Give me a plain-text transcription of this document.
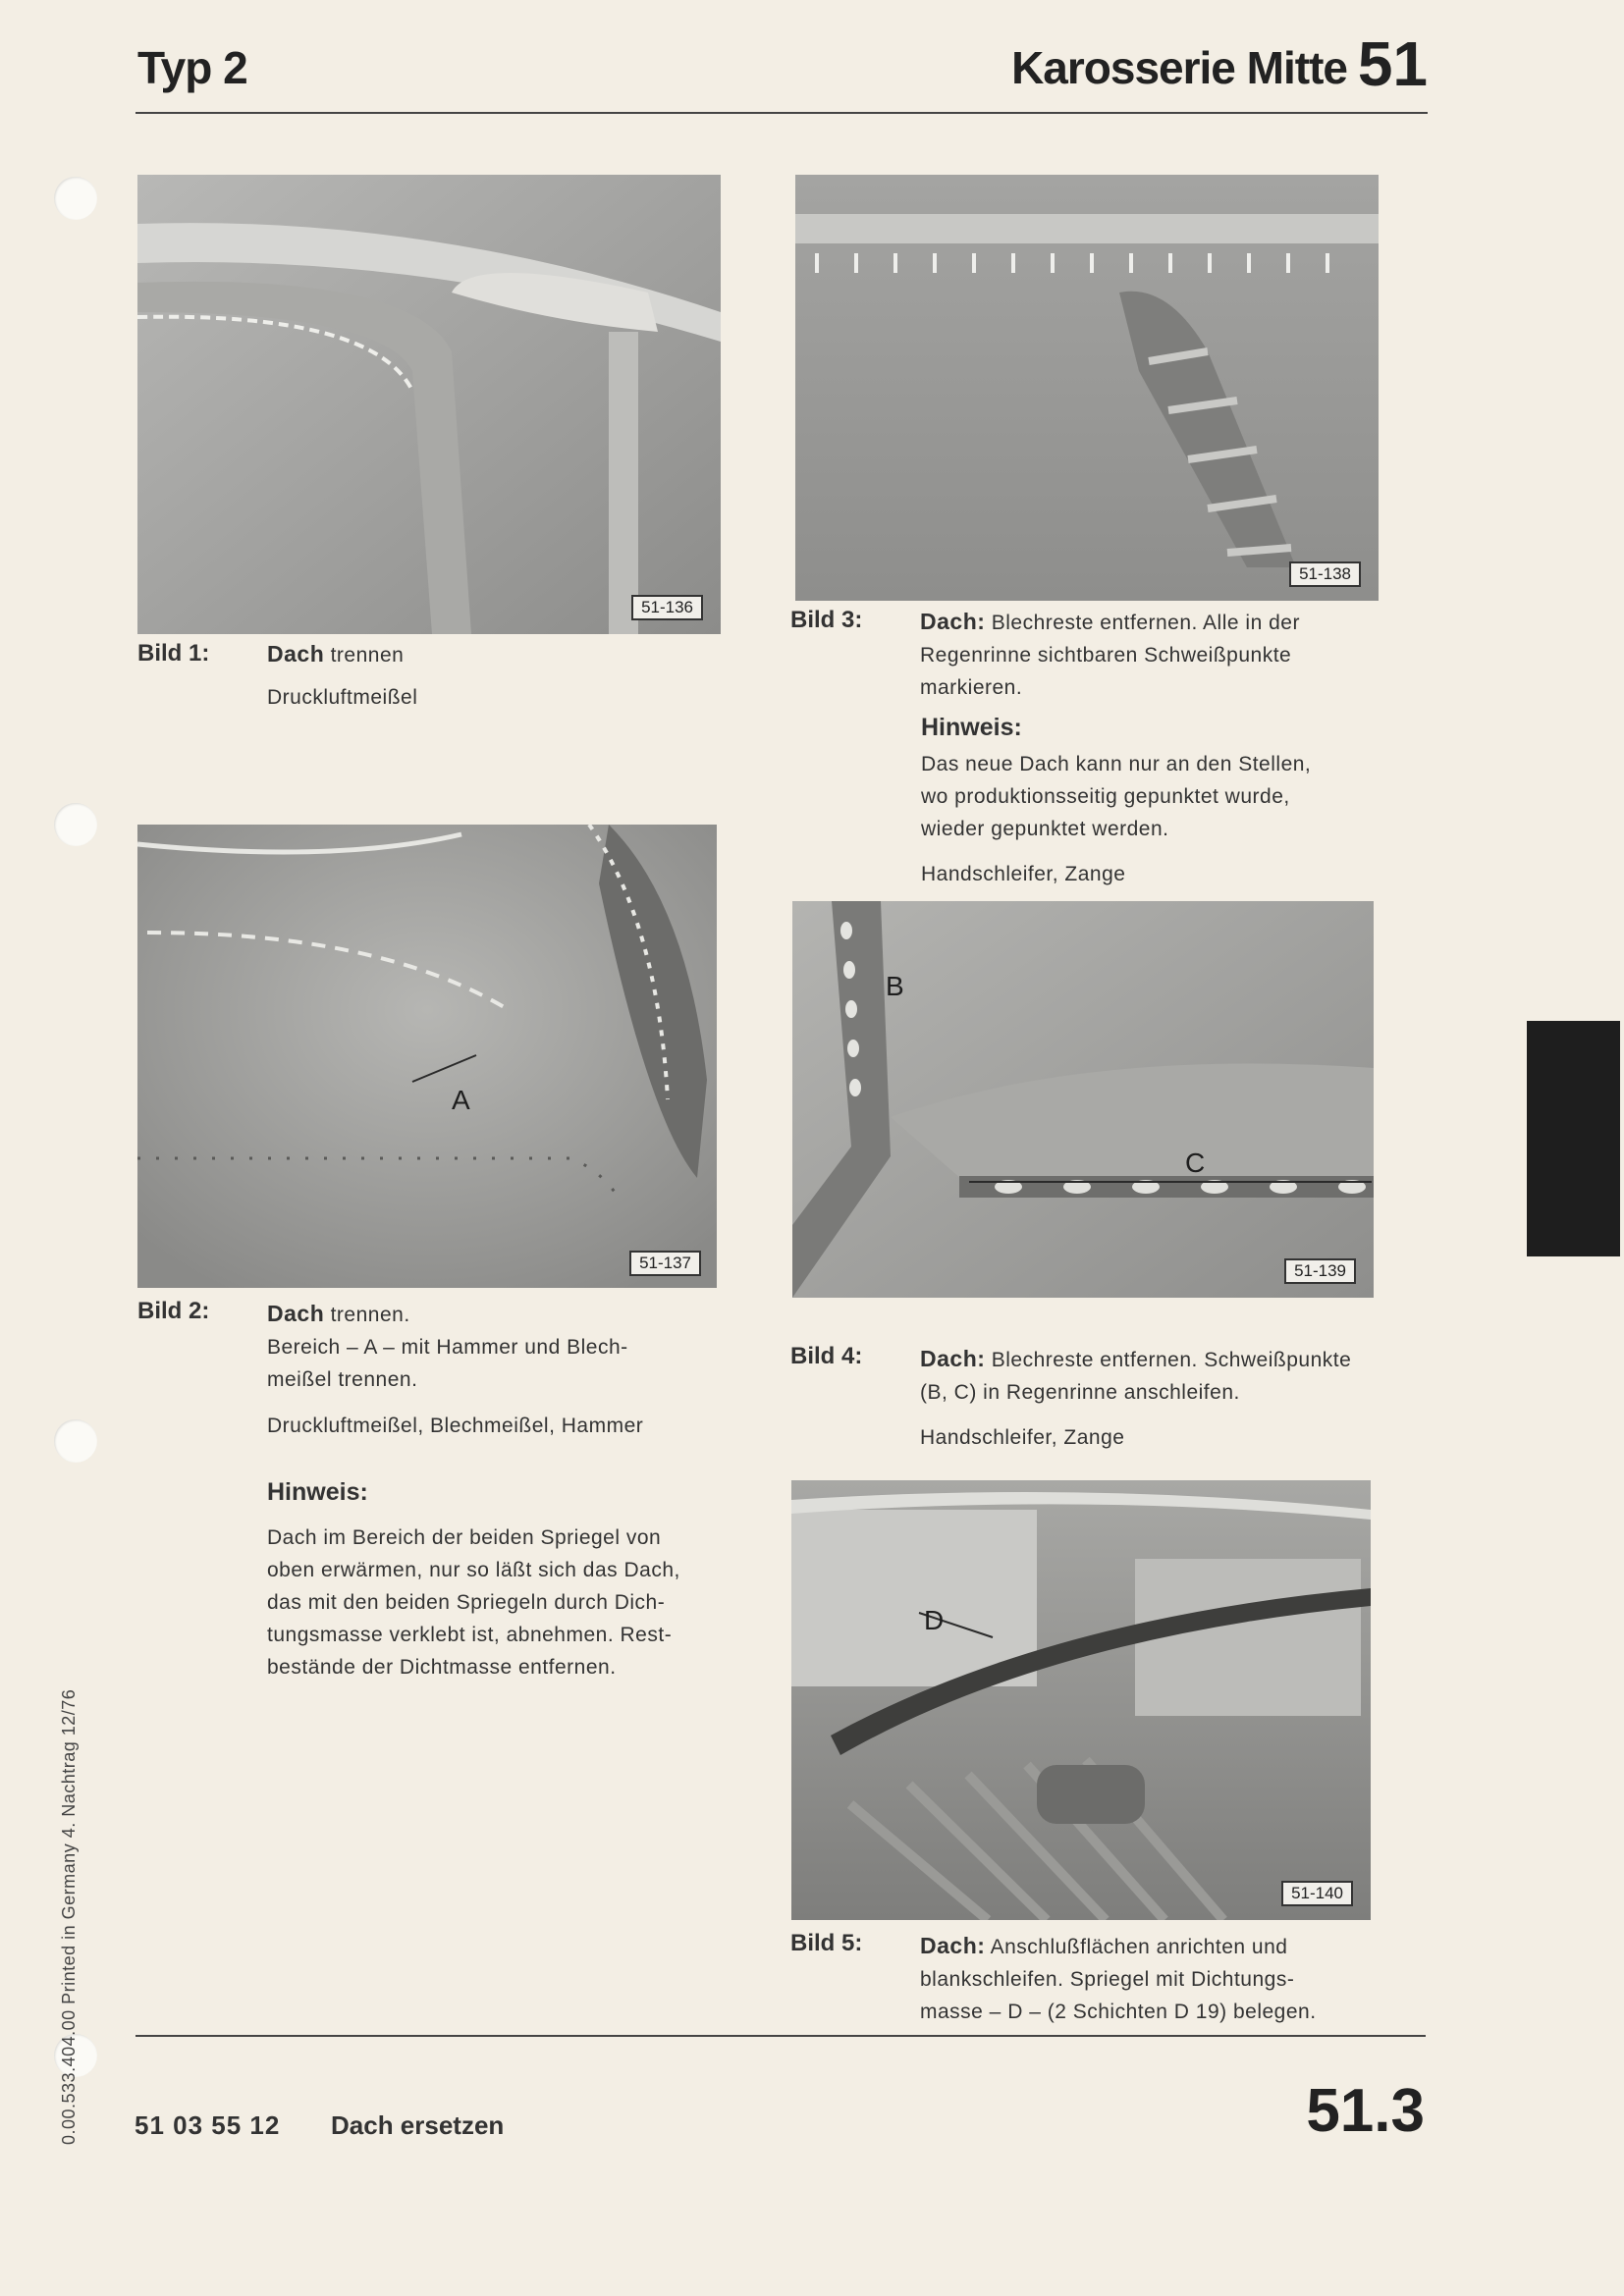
Typ 2	Karosserie Mitte 51
51-136
Bild 1:	Dach trennen
Druckluftmeißel
51-138
Bild 3:	Dach: Blechreste entfernen. Alle in der
Regenrinne sichtbaren Schweißpunkte
markieren.
Hinweis:
Das neue Dach kann nur an den Stellen,
wo produktionsseitig gepunktet wurde,
wieder gepunktet werden.
Handschleifer, Zange
A
51-137
Bild 2:	Dach trennen.
Bereich – A – mit Hammer und Blech-
meißel trennen.
Druckluftmeißel, Blechmeißel, Hammer
Hinweis:
Dach im Bereich der beiden Spriegel von
oben erwärmen, nur so läßt sich das Dach,
das mit den beiden Spriegeln durch Dich-
tungsmasse verklebt ist, abnehmen. Rest-
bestände der Dichtmasse entfernen.
B
C
51-139
Bild 4:	Dach: Blechreste entfernen. Schweißpunkte
(B, C) in Regenrinne anschleifen.
Handschleifer, Zange
D
51-140
Bild 5:	Dach: Anschlußflächen anrichten und
blankschleifen. Spriegel mit Dichtungs-
masse – D – (2 Schichten D 19) belegen.
0.00.533.404.00 Printed in Germany 4. Nachtrag 12/76 51 03 55 12 Dach ersetzen	51.3
